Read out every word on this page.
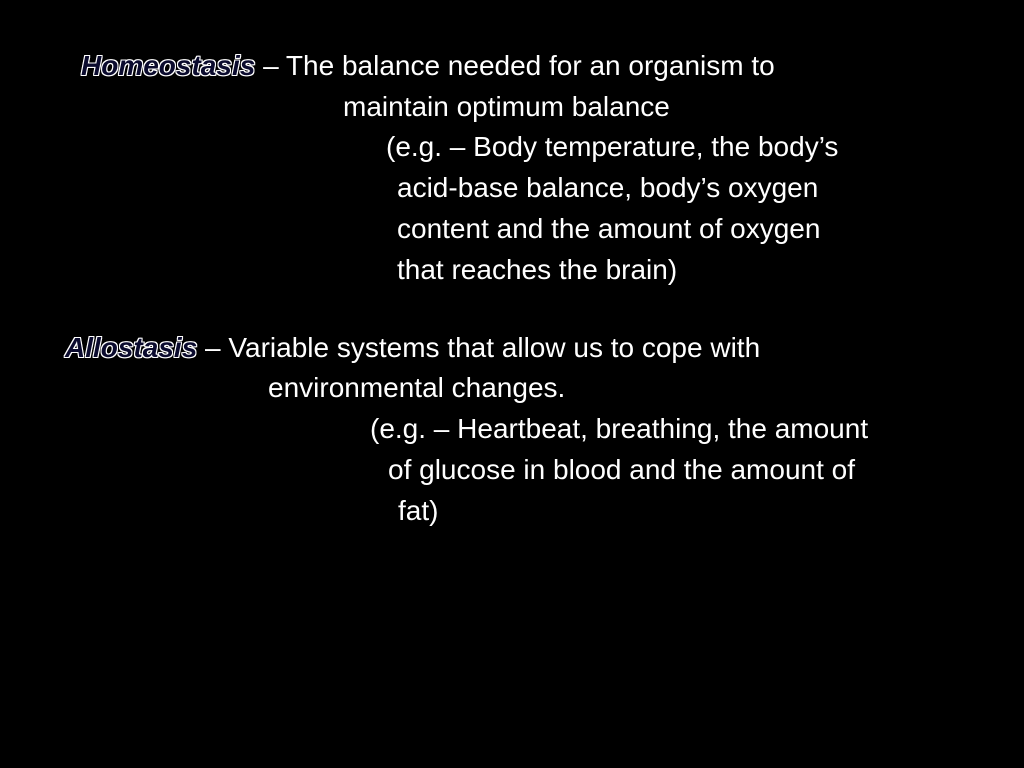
Homeostasis – The balance needed for an organism to
maintain optimum balance
(e.g. – Body temperature, the body’s
acid-base balance, body’s oxygen
content and the amount of oxygen
that reaches the brain)
Allostasis – Variable systems that allow us to cope with
environmental changes.
(e.g. – Heartbeat, breathing, the amount
of glucose in blood and the amount of
fat)
